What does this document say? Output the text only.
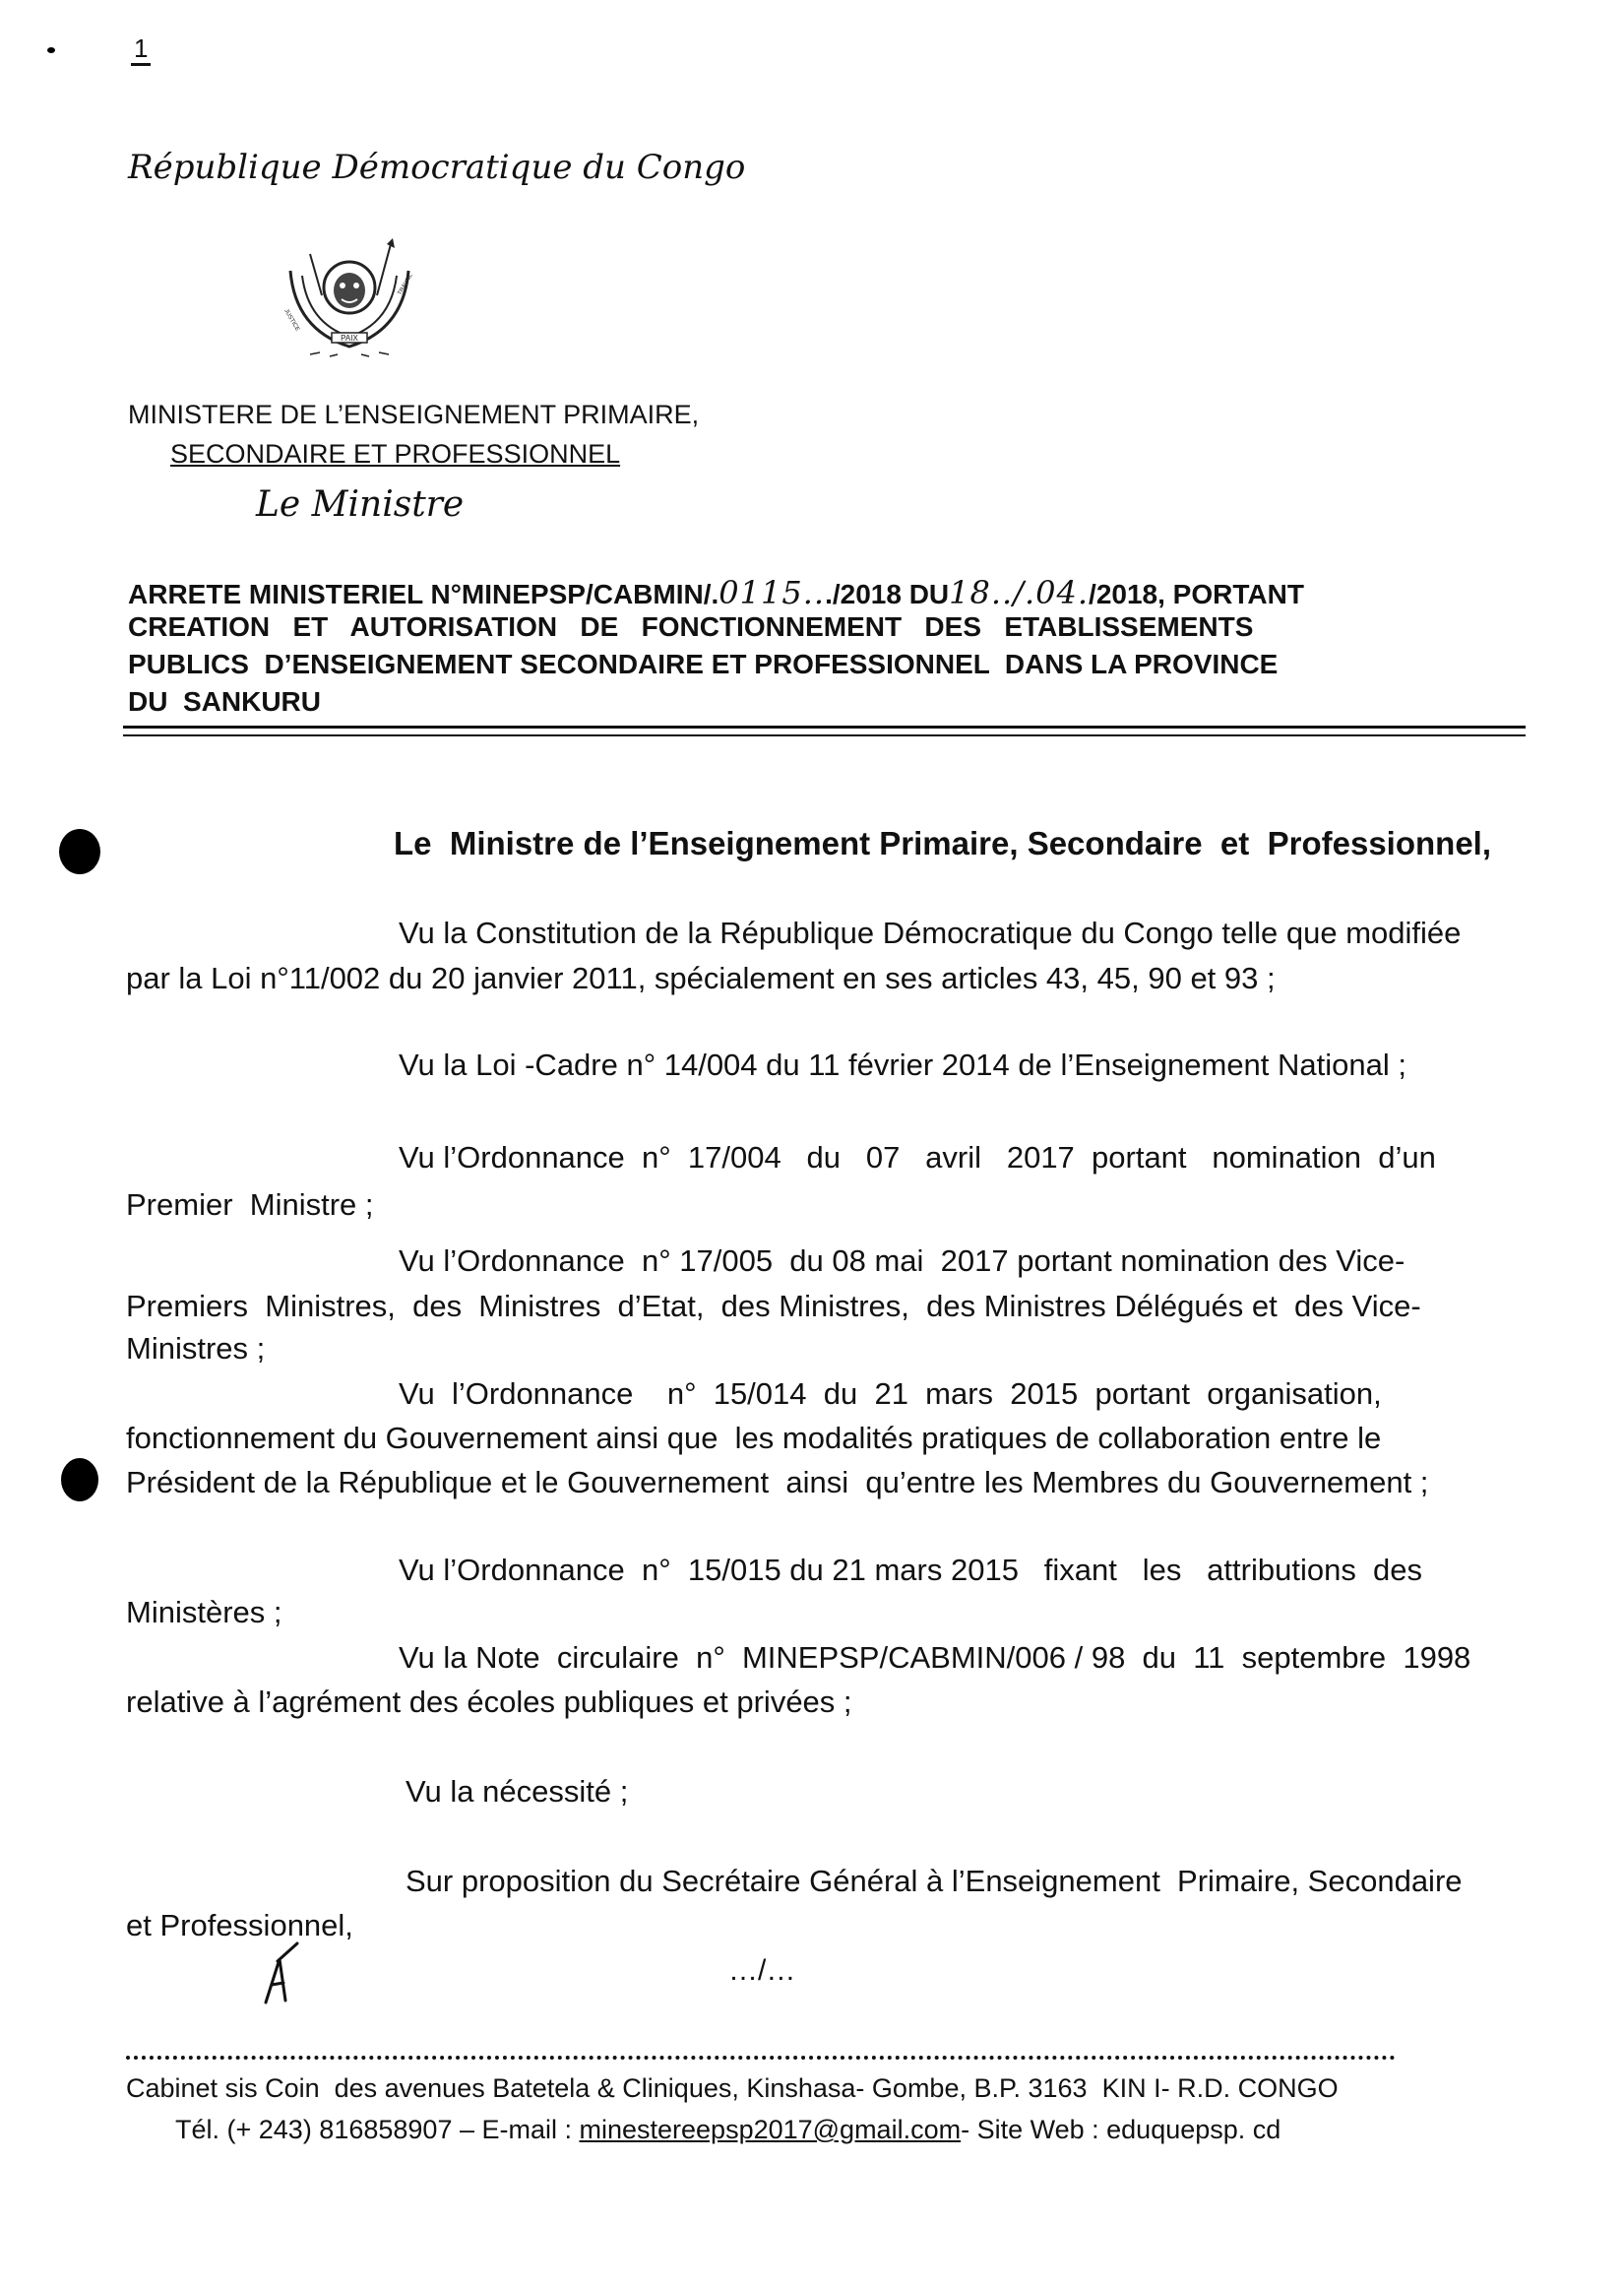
1
République Démocratique du Congo
PAIX
JUSTICE
TRAVAIL
MINISTERE DE L’ENSEIGNEMENT PRIMAIRE,
SECONDAIRE ET PROFESSIONNEL
Le Ministre
ARRETE MINISTERIEL N°MINEPSP/CABMIN/.0115.../2018 DU18../.04./2018, PORTANT
CREATION   ET   AUTORISATION   DE   FONCTIONNEMENT   DES   ETABLISSEMENTS
PUBLICS  D’ENSEIGNEMENT SECONDAIRE ET PROFESSIONNEL  DANS LA PROVINCE
DU  SANKURU
Le  Ministre de l’Enseignement Primaire, Secondaire  et  Professionnel,
Vu la Constitution de la République Démocratique du Congo telle que modifiée
par la Loi n°11/002 du 20 janvier 2011, spécialement en ses articles 43, 45, 90 et 93 ;
Vu la Loi -Cadre n° 14/004 du 11 février 2014 de l’Enseignement National ;
Vu l’Ordonnance  n°  17/004   du   07   avril   2017  portant   nomination  d’un
Premier  Ministre ;
Vu l’Ordonnance  n° 17/005  du 08 mai  2017 portant nomination des Vice-
Premiers  Ministres,  des  Ministres  d’Etat,  des Ministres,  des Ministres Délégués et  des Vice-
Ministres ;
Vu  l’Ordonnance    n°  15/014  du  21  mars  2015  portant  organisation,
fonctionnement du Gouvernement ainsi que  les modalités pratiques de collaboration entre le
Président de la République et le Gouvernement  ainsi  qu’entre les Membres du Gouvernement ;
Vu l’Ordonnance  n°  15/015 du 21 mars 2015   fixant   les   attributions  des
Ministères ;
Vu la Note  circulaire  n°  MINEPSP/CABMIN/006 / 98  du  11  septembre  1998
relative à l’agrément des écoles publiques et privées ;
Vu la nécessité ;
Sur proposition du Secrétaire Général à l’Enseignement  Primaire, Secondaire
et Professionnel,
…/…
Cabinet sis Coin  des avenues Batetela & Cliniques, Kinshasa- Gombe, B.P. 3163  KIN I- R.D. CONGO
Tél. (+ 243) 816858907 – E-mail : minestereepsp2017@gmail.com- Site Web : eduquepsp. cd
